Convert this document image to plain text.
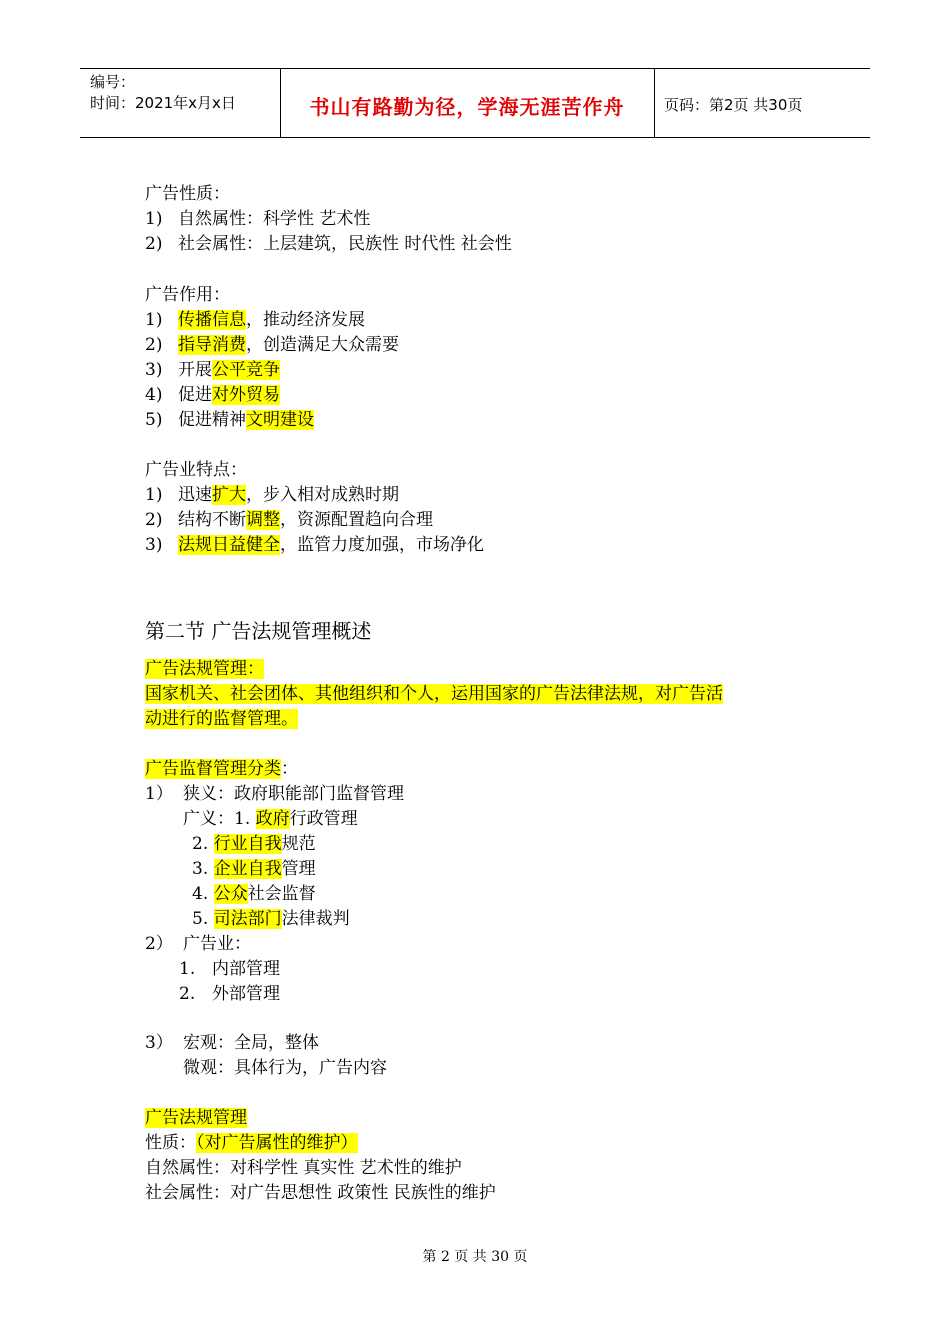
编号：
时间：2021年x月x日	书山有路勤为径，学海无涯苦作舟	页码：第2页 共30页
广告性质：
1) 自然属性：科学性 艺术性
2) 社会属性：上层建筑，民族性 时代性 社会性
广告作用：
1) 传播信息，推动经济发展
2) 指导消费，创造满足大众需要
3) 开展公平竞争
4) 促进对外贸易
5) 促进精神文明建设
广告业特点：
1) 迅速扩大，步入相对成熟时期
2) 结构不断调整，资源配置趋向合理
3) 法规日益健全，监管力度加强，市场净化
第二节 广告法规管理概述
广告法规管理：
国家机关、社会团体、其他组织和个人，运用国家的广告法律法规，对广告活
动进行的监督管理。
广告监督管理分类：
1） 狭义：政府职能部门监督管理
广义：1. 政府行政管理
2. 行业自我规范
3. 企业自我管理
4. 公众社会监督
5. 司法部门法律裁判
2） 广告业：
1. 内部管理
2. 外部管理
3） 宏观：全局，整体
微观：具体行为，广告内容
广告法规管理
性质：（对广告属性的维护）
自然属性：对科学性 真实性 艺术性的维护
社会属性：对广告思想性 政策性 民族性的维护
第 2 页 共 30 页
